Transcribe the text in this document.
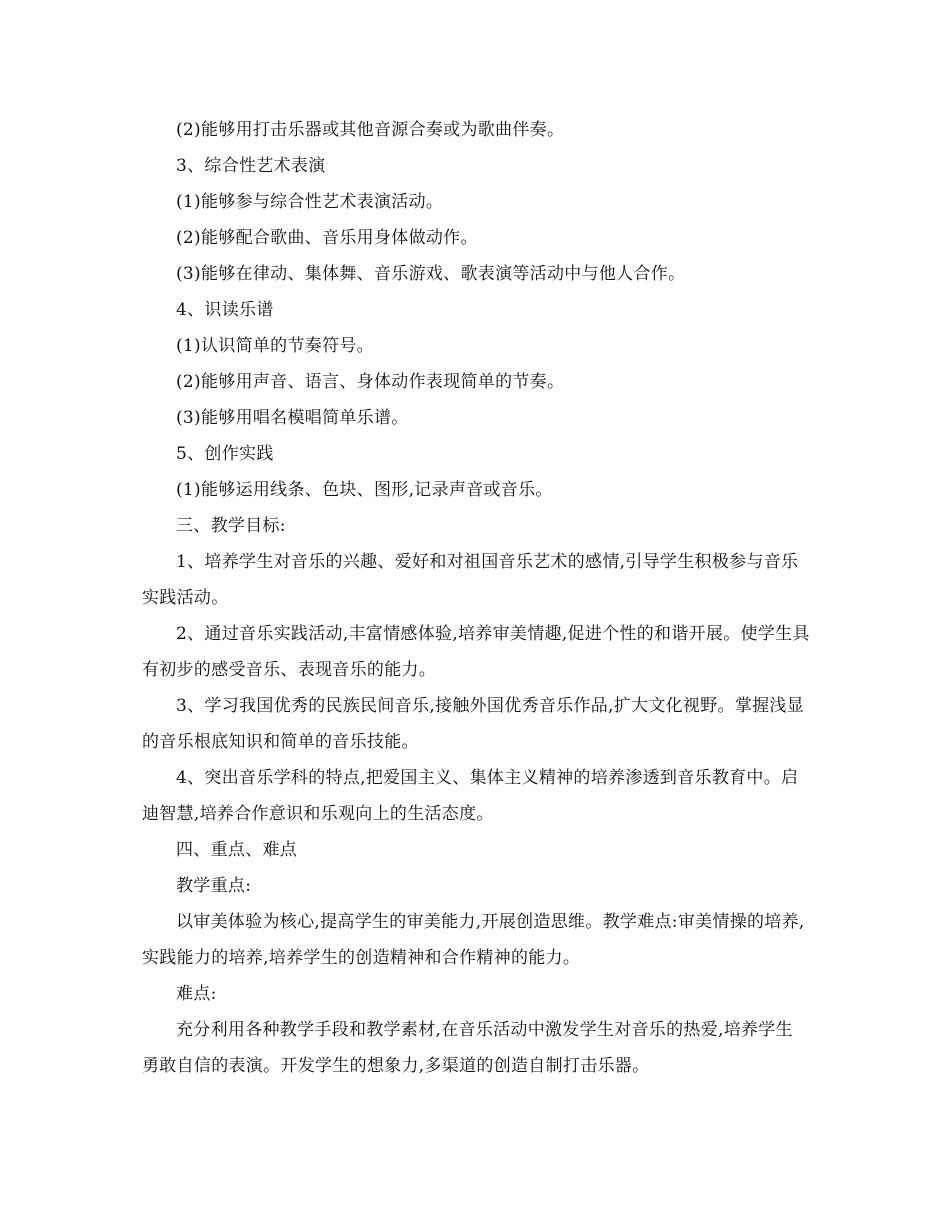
(2)能够用打击乐器或其他音源合奏或为歌曲伴奏。

3、综合性艺术表演

(1)能够参与综合性艺术表演活动。

(2)能够配合歌曲、音乐用身体做动作。

(3)能够在律动、集体舞、音乐游戏、歌表演等活动中与他人合作。

4、识读乐谱

(1)认识简单的节奏符号。

(2)能够用声音、语言、身体动作表现简单的节奏。

(3)能够用唱名模唱简单乐谱。

5、创作实践

(1)能够运用线条、色块、图形,记录声音或音乐。

三、教学目标:

1、培养学生对音乐的兴趣、爱好和对祖国音乐艺术的感情,引导学生积极参与音乐实践活动。

2、通过音乐实践活动,丰富情感体验,培养审美情趣,促进个性的和谐开展。使学生具有初步的感受音乐、表现音乐的能力。

3、学习我国优秀的民族民间音乐,接触外国优秀音乐作品,扩大文化视野。掌握浅显的音乐根底知识和简单的音乐技能。

4、突出音乐学科的特点,把爱国主义、集体主义精神的培养渗透到音乐教育中。启迪智慧,培养合作意识和乐观向上的生活态度。

四、重点、难点

教学重点:

以审美体验为核心,提高学生的审美能力,开展创造思维。教学难点:审美情操的培养,实践能力的培养,培养学生的创造精神和合作精神的能力。

难点:

充分利用各种教学手段和教学素材,在音乐活动中激发学生对音乐的热爱,培养学生勇敢自信的表演。开发学生的想象力,多渠道的创造自制打击乐器。
